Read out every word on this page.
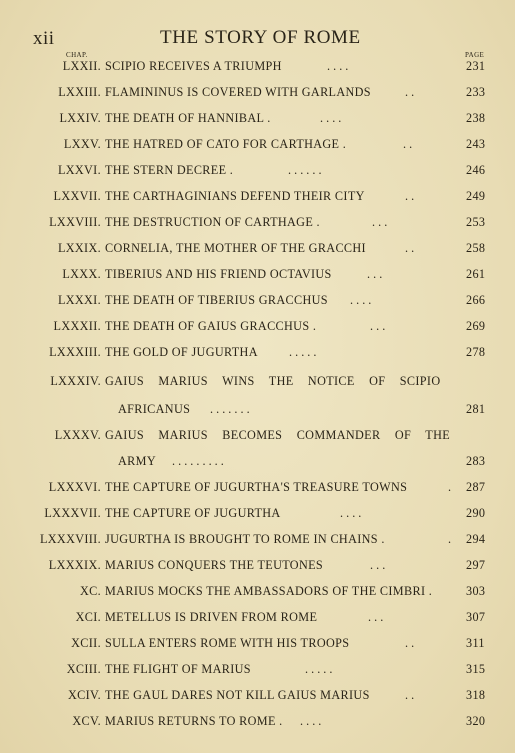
xii	THE STORY OF ROME
CHAP.	PAGE
LXXII. SCIPIO RECEIVES A TRIUMPH	. . . .	231
LXXIII. FLAMININUS IS COVERED WITH GARLANDS	. .	233
LXXIV. THE DEATH OF HANNIBAL .	. . . .	238
LXXV. THE HATRED OF CATO FOR CARTHAGE .	. .	243
LXXVI. THE STERN DECREE .	. . . . . .	246
LXXVII. THE CARTHAGINIANS DEFEND THEIR CITY	. .	249
LXXVIII. THE DESTRUCTION OF CARTHAGE .	. . .	253
LXXIX. CORNELIA, THE MOTHER OF THE GRACCHI	. .	258
LXXX. TIBERIUS AND HIS FRIEND OCTAVIUS	. . .	261
LXXXI. THE DEATH OF TIBERIUS GRACCHUS . . . .	266
LXXXII. THE DEATH OF GAIUS GRACCHUS .	. . .	269
LXXXIII. THE GOLD OF JUGURTHA	. . . . .	278
LXXXIV. GAIUS MARIUS WINS THE NOTICE OF SCIPIO
AFRICANUS . . . . . . .	281
LXXXV. GAIUS MARIUS BECOMES COMMANDER OF THE
ARMY . . . . . . . . .	283
LXXXVI. THE CAPTURE OF JUGURTHA'S TREASURE TOWNS	. 287
LXXXVII. THE CAPTURE OF JUGURTHA	. . . .	290
LXXXVIII. JUGURTHA IS BROUGHT TO ROME IN CHAINS .	. 294
LXXXIX. MARIUS CONQUERS THE TEUTONES	. . .	297
XC. MARIUS MOCKS THE AMBASSADORS OF THE CIMBRI .	303
XCI. METELLUS IS DRIVEN FROM ROME	. . .	307
XCII. SULLA ENTERS ROME WITH HIS TROOPS	. .	311
XCIII. THE FLIGHT OF MARIUS	. . . . .	315
XCIV. THE GAUL DARES NOT KILL GAIUS MARIUS	. .	318
XCV. MARIUS RETURNS TO ROME . . . . .	320
